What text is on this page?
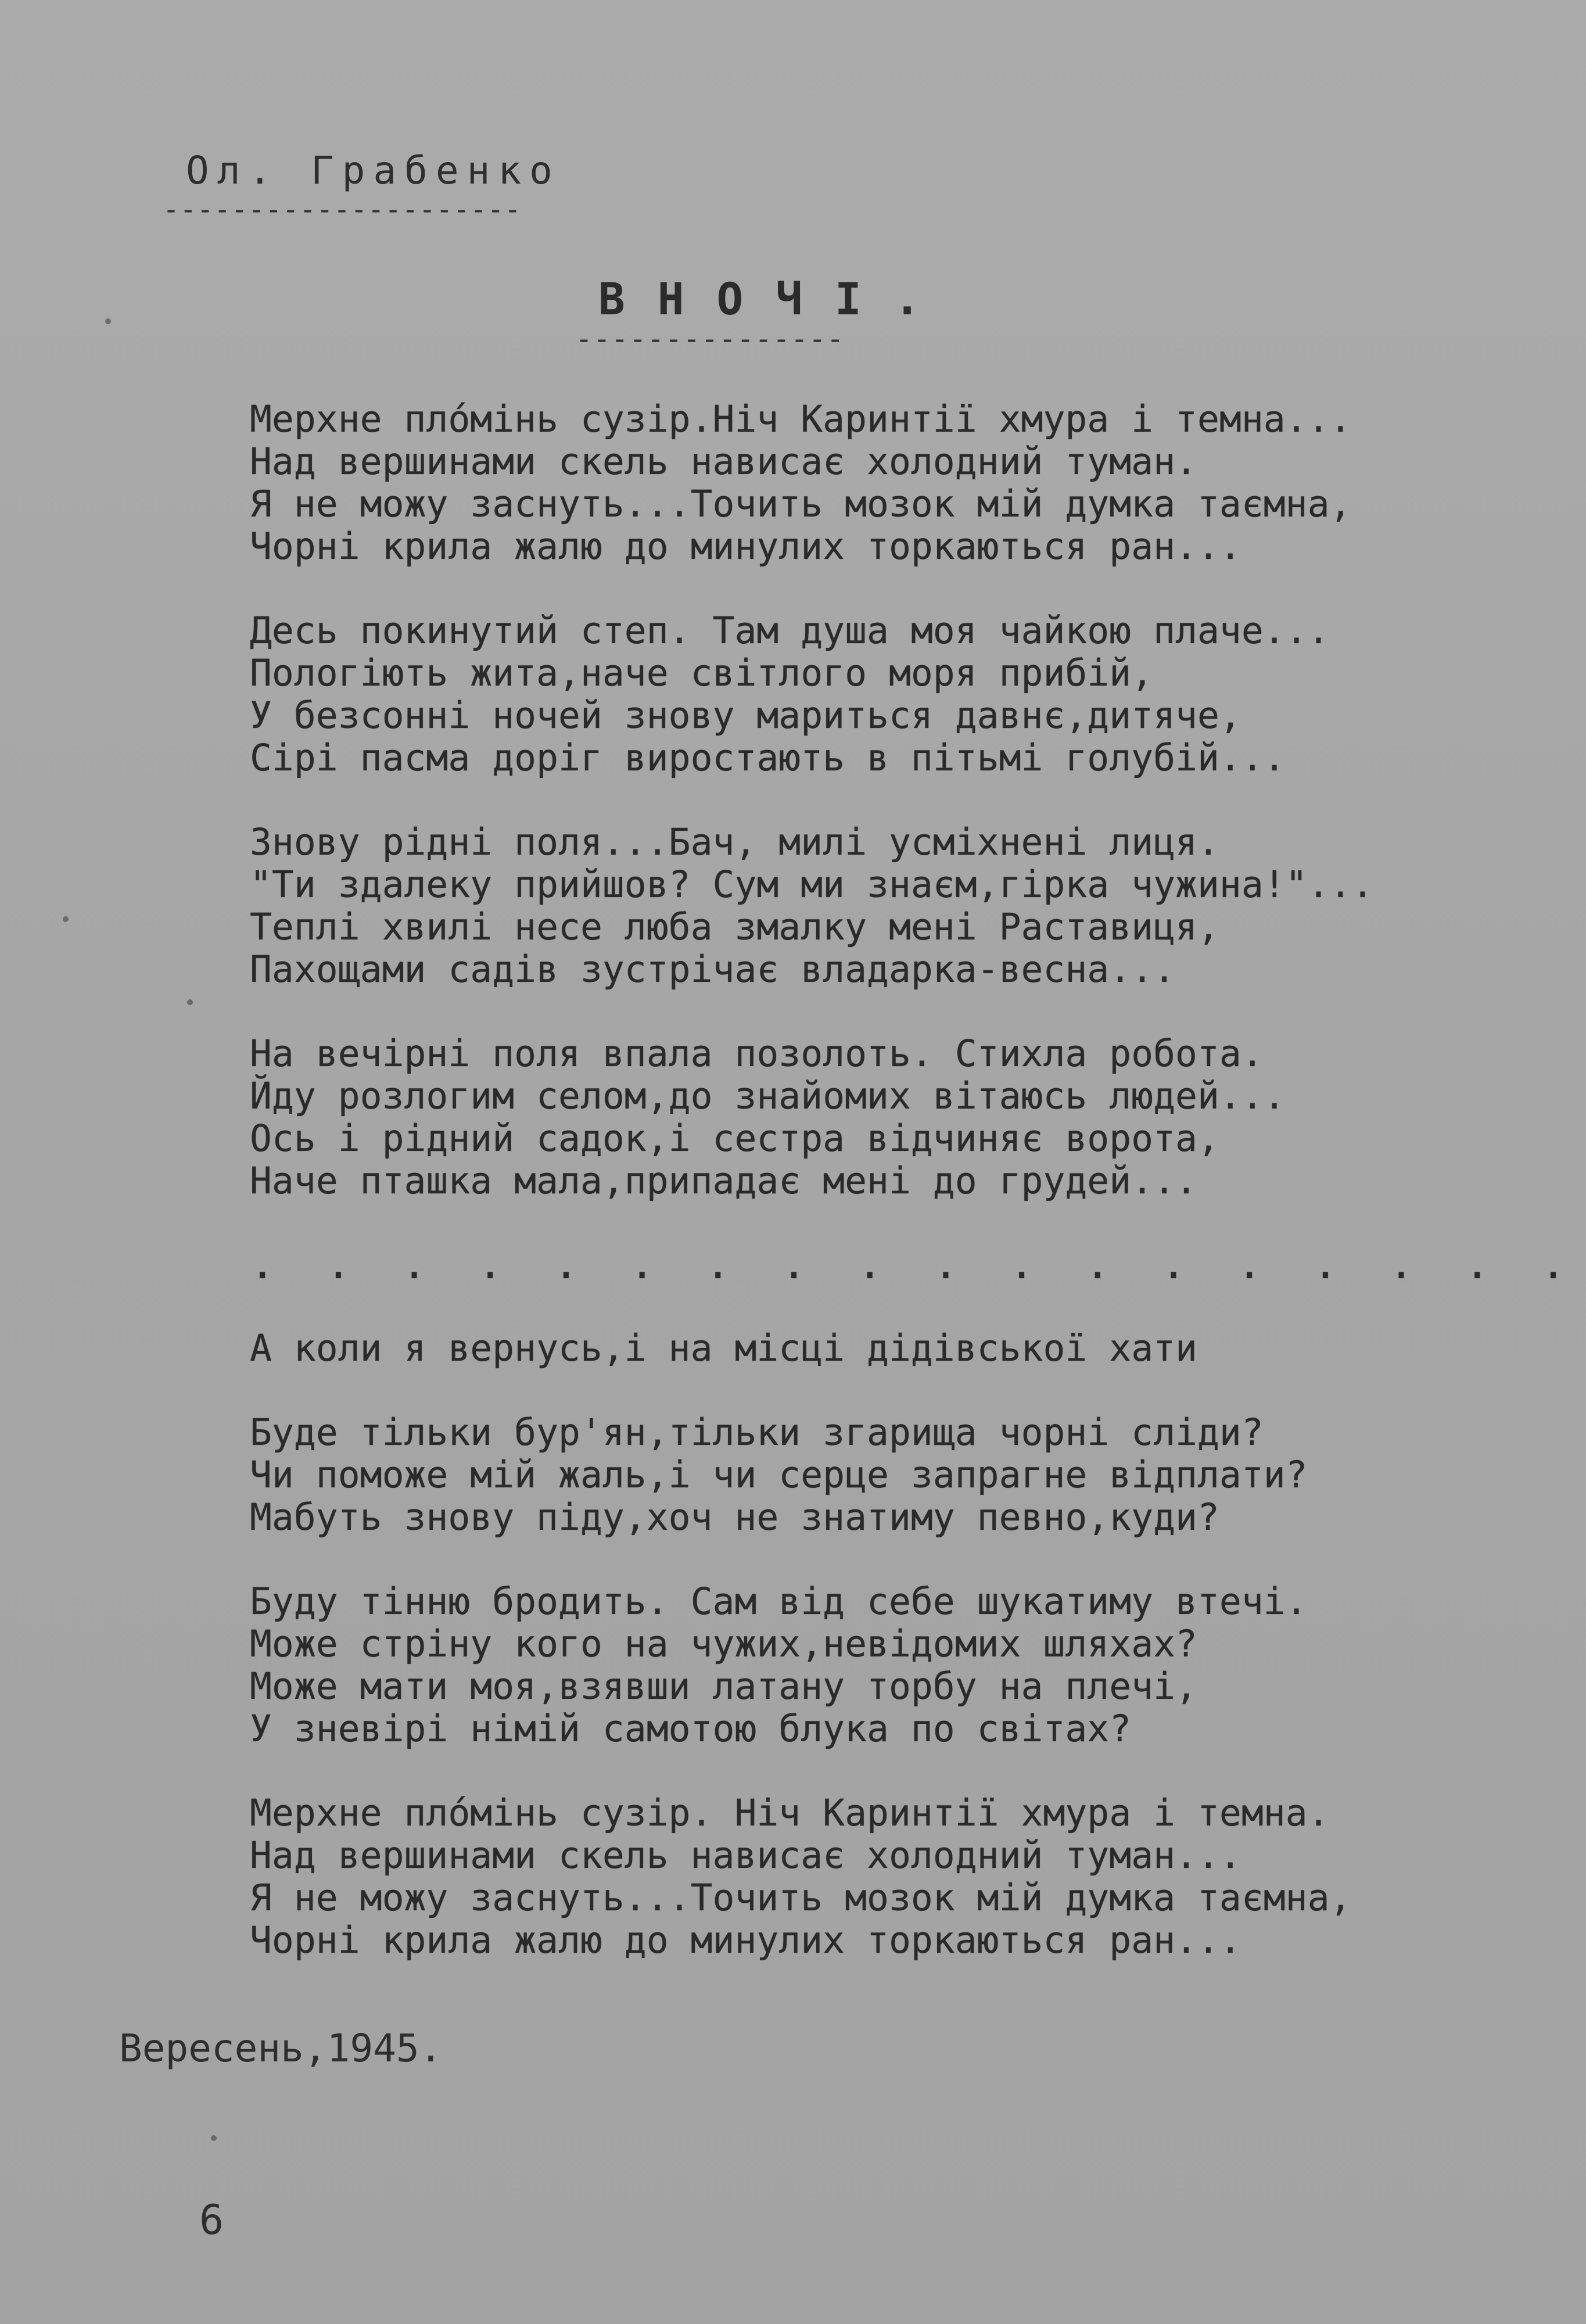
Ол. Грабенко
---------------------
ВНОЧІ.
---------------

Мерхне плóмінь сузір.Ніч Каринтії хмура і темна...

Над вершинами скель нависає холодний туман.

Я не можу заснуть...Точить мозок мій думка таємна,

Чорні крила жалю до минулих торкаються ран...

Десь покинутий степ. Там душа моя чайкою плаче...

Пологіють жита,наче світлого моря прибій,

У безсонні ночей знову мариться давнє,дитяче,

Сірі пасма доріг виростають в пітьмі голубій...

Знову рідні поля...Бач, милі усміхнені лиця.

"Ти здалеку прийшов? Сум ми знаєм,гірка чужина!"...

Теплі хвилі несе люба змалку мені Раставиця,

Пахощами садів зустрічає владарка-весна...

На вечірні поля впала позолоть. Стихла робота.

Йду розлогим селом,до знайомих вітаюсь людей...

Ось і рідний садок,і сестра відчиняє ворота,

Наче пташка мала,припадає мені до грудей...

. . . . . . . . . . . . . . . . . .

А коли я вернусь,і на місці дідівської хати

Буде тільки бур'ян,тільки згарища чорні сліди?

Чи поможе мій жаль,і чи серце запрагне відплати?

Мабуть знову піду,хоч не знатиму певно,куди?

Буду тінню бродить. Сам від себе шукатиму втечі.

Може стріну кого на чужих,невідомих шляхах?

Може мати моя,взявши латану торбу на плечі,

У зневірі німій самотою блука по світах?

Мерхне плóмінь сузір. Ніч Каринтії хмура і темна.

Над вершинами скель нависає холодний туман...

Я не можу заснуть...Точить мозок мій думка таємна,

Чорні крила жалю до минулих торкаються ран...

Вересень,1945.
6
